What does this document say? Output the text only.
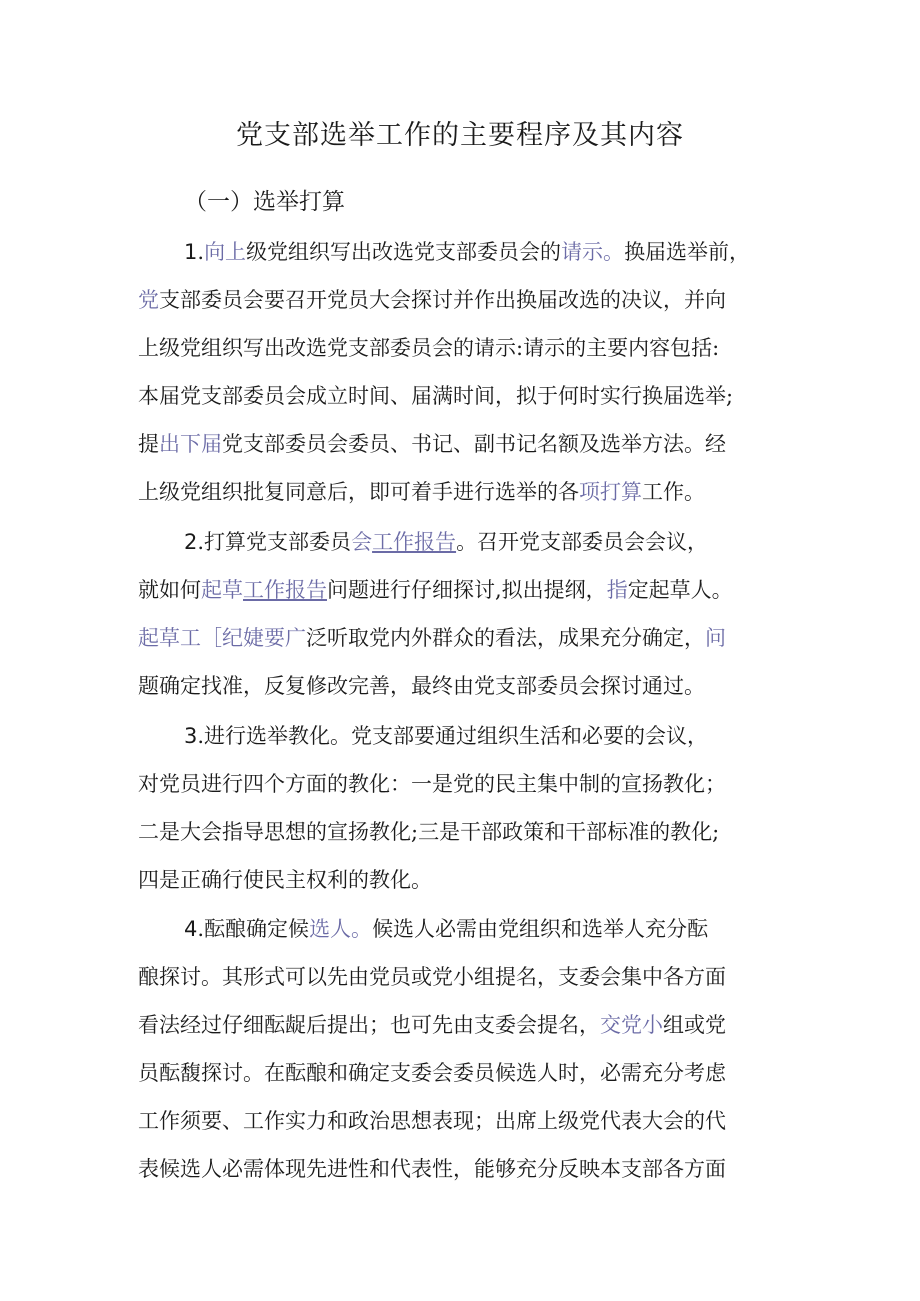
党支部选举工作的主要程序及其内容
（一）选举打算

1.向上级党组织写出改选党支部委员会的请示。换届选举前，

党支部委员会要召开党员大会探讨并作出换届改选的决议，并向

上级党组织写出改选党支部委员会的请示:请示的主要内容包括:

本届党支部委员会成立时间、届满时间，拟于何时实行换届选举;

提出下届党支部委员会委员、书记、副书记名额及选举方法。经

上级党组织批复同意后，即可着手进行选举的各项打算工作。

2.打算党支部委员会工作报告。召开党支部委员会会议，

就如何起草工作报告问题进行仔细探讨,拟出提纲，指定起草人。

起草工［纪婕要广泛听取党内外群众的看法，成果充分确定，问

题确定找准，反复修改完善，最终由党支部委员会探讨通过。

3.进行选举教化。党支部要通过组织生活和必要的会议，

对党员进行四个方面的教化：一是党的民主集中制的宣扬教化；

二是大会指导思想的宣扬教化;三是干部政策和干部标准的教化;

四是正确行使民主权利的教化。

4.酝酿确定候选人。候选人必需由党组织和选举人充分酝

酿探讨。其形式可以先由党员或党小组提名，支委会集中各方面

看法经过仔细酝龊后提出；也可先由支委会提名，交党小组或党

员酝馥探讨。在酝酿和确定支委会委员候选人时，必需充分考虑

工作须要、工作实力和政治思想表现；出席上级党代表大会的代

表候选人必需体现先进性和代表性，能够充分反映本支部各方面
